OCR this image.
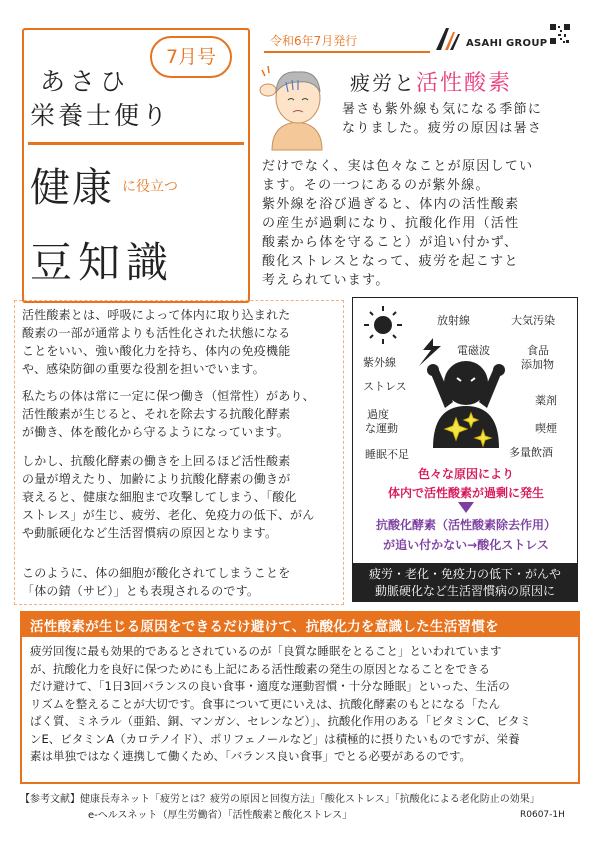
あさひ
栄養士便り
7月号
健康 に役立つ
豆知識
令和6年7月発行	ASAHI GROUP
疲労と活性酸素
暑さも紫外線も気になる季節に
なりました。疲労の原因は暑さ
だけでなく、実は色々なことが原因してい
ます。その一つにあるのが紫外線。
紫外線を浴び過ぎると、体内の活性酸素
の産生が過剰になり、抗酸化作用（活性
酸素から体を守ること）が追い付かず、
酸化ストレスとなって、疲労を起こすと
考えられています。
活性酸素とは、呼吸によって体内に取り込まれた
酸素の一部が通常よりも活性化された状態になる
ことをいい、強い酸化力を持ち、体内の免疫機能
や、感染防御の重要な役割を担いでいます。
私たちの体は常に一定に保つ働き（恒常性）があり、
活性酸素が生じると、それを除去する抗酸化酵素
が働き、体を酸化から守るようになっています。
しかし、抗酸化酵素の働きを上回るほど活性酸素
の量が増えたり、加齢により抗酸化酵素の働きが
衰えると、健康な細胞まで攻撃してしまう、「酸化
ストレス」が生じ、疲労、老化、免疫力の低下、がん
や動脈硬化など生活習慣病の原因となります。
このように、体の細胞が酸化されてしまうことを
「体の錆（サビ）」とも表現されるのです。
放射線	大気汚染
電磁波	食品
添加物
紫外線
ストレス
薬剤
過度
な運動	喫煙
睡眠不足	多量飲酒
色々な原因により
体内で活性酸素が過剰に発生
抗酸化酵素（活性酸素除去作用）
が追い付かない→酸化ストレス
疲労・老化・免疫力の低下・がんや
動脈硬化など生活習慣病の原因に
活性酸素が生じる原因をできるだけ避けて、抗酸化力を意識した生活習慣を
疲労回復に最も効果的であるとされているのが「良質な睡眠をとること」といわれています
が、抗酸化力を良好に保つためにも上記にある活性酸素の発生の原因となることをできる
だけ避けて、「1日3回バランスの良い食事・適度な運動習慣・十分な睡眠」といった、生活の
リズムを整えることが大切です。食事について更にいえは、抗酸化酵素のもとになる「たん
ぱく質、ミネラル（亜鉛、銅、マンガン、セレンなど）」、抗酸化作用のある「ビタミンC、ビタミ
ンE、ビタミンA（カロテノイド）、ポリフェノールなど」は積極的に摂りたいものですが、栄養
素は単独ではなく連携して働くため、「バランス良い食事」でとる必要があるのです。
【参考文献】健康長寿ネット「疲労とは？疲労の原因と回復方法」「酸化ストレス」「抗酸化による老化防止の効果」
e-ヘルスネット（厚生労働省）「活性酸素と酸化ストレス」	R0607-1H
